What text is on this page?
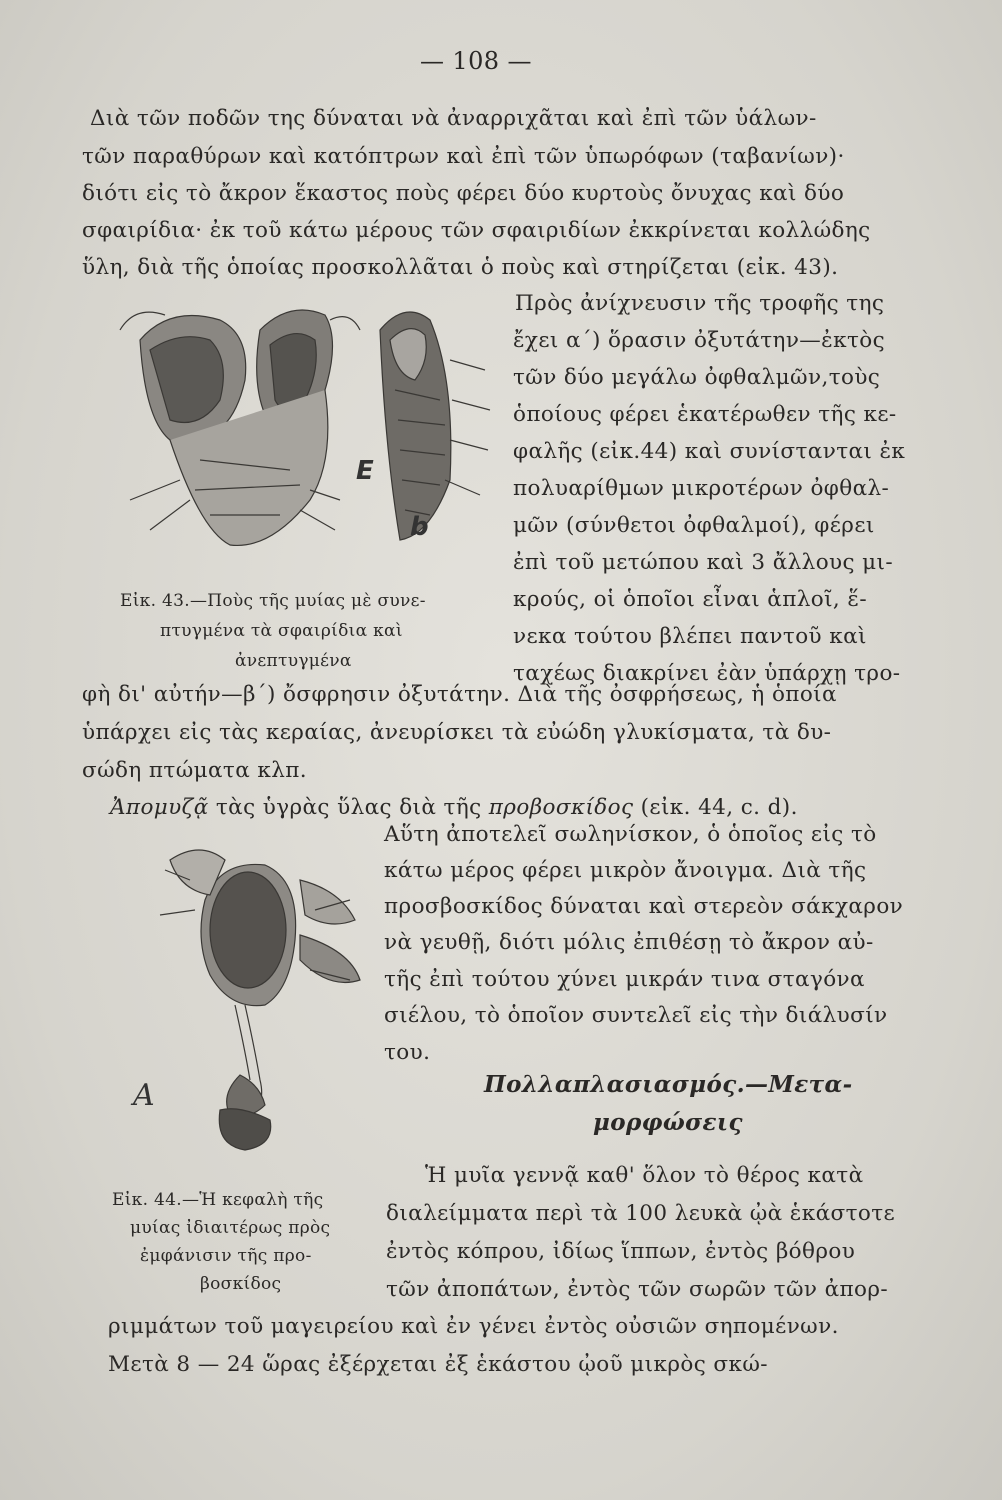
— 108 —
Διὰ τῶν ποδῶν της δύναται νὰ ἀναρριχᾶται καὶ ἐπὶ τῶν ὑάλων-
τῶν παραθύρων καὶ κατόπτρων καὶ ἐπὶ τῶν ὑπωρόφων (ταβανίων)·
διότι εἰς τὸ ἄκρον ἕκαστος ποὺς φέρει δύο κυρτοὺς ὄνυχας καὶ δύο
σφαιρίδια· ἐκ τοῦ κάτω μέρους τῶν σφαιριδίων ἐκκρίνεται κολλώδης
ὕλη, διὰ τῆς ὁποίας προσκολλᾶται ὁ ποὺς καὶ στηρίζεται (εἰκ. 43).
Πρὸς ἀνίχνευσιν τῆς τροφῆς της
ἔχει α΄) ὅρασιν ὀξυτάτην—ἐκτὸς
τῶν δύο μεγάλω ὀφθαλμῶν,τοὺς
ὁποίους φέρει ἑκατέρωθεν τῆς κε-
φαλῆς (εἰκ.44) καὶ συνίστανται ἐκ
πολυαρίθμων μικροτέρων ὀφθαλ-
μῶν (σύνθετοι ὀφθαλμοί), φέρει
ἐπὶ τοῦ μετώπου καὶ 3 ἄλλους μι-
κρούς, οἱ ὁποῖοι εἶναι ἁπλοῖ, ἕ-
νεκα τούτου βλέπει παντοῦ καὶ
ταχέως διακρίνει ἐὰν ὑπάρχῃ τρο-
E
b
Εἰκ. 43.—Ποὺς τῆς μυίας μὲ συνε-
πτυγμένα τὰ σφαιρίδια καὶ
ἀνεπτυγμένα
φὴ δι' αὐτήν—β΄) ὄσφρησιν ὀξυτάτην. Διὰ τῆς ὀσφρήσεως, ἡ ὁποία
ὑπάρχει εἰς τὰς κεραίας, ἀνευρίσκει τὰ εὐώδη γλυκίσματα, τὰ δυ-
σώδη πτώματα κλπ.
Ἀπομυζᾷ τὰς ὑγρὰς ὕλας διὰ τῆς προβοσκίδος (εἰκ. 44, c. d).
Αὕτη ἀποτελεῖ σωληνίσκον, ὁ ὁποῖος εἰς τὸ
κάτω μέρος φέρει μικρὸν ἄνοιγμα. Διὰ τῆς
προσβοσκίδος δύναται καὶ στερεὸν σάκχαρον
νὰ γευθῇ, διότι μόλις ἐπιθέσῃ τὸ ἄκρον αὐ-
τῆς ἐπὶ τούτου χύνει μικράν τινα σταγόνα
σιέλου, τὸ ὁποῖον συντελεῖ εἰς τὴν διάλυσίν
του.
A	Πολλαπλασιασμός.—Μετα-
μορφώσεις
Εἰκ. 44.—Ἡ κεφαλὴ τῆς
μυίας ἰδιαιτέρως πρὸς
ἐμφάνισιν τῆς προ-
βοσκίδος
Ἡ μυῖα γεννᾷ καθ' ὅλον τὸ θέρος κατὰ
διαλείμματα περὶ τὰ 100 λευκὰ ᾠὰ ἑκάστοτε
ἐντὸς κόπρου, ἰδίως ἵππων, ἐντὸς βόθρου
τῶν ἀποπάτων, ἐντὸς τῶν σωρῶν τῶν ἀπορ-
ριμμάτων τοῦ μαγειρείου καὶ ἐν γένει ἐντὸς οὐσιῶν σηπομένων.
Μετὰ 8 — 24 ὥρας ἐξέρχεται ἐξ ἑκάστου ᾠοῦ μικρὸς σκώ-
